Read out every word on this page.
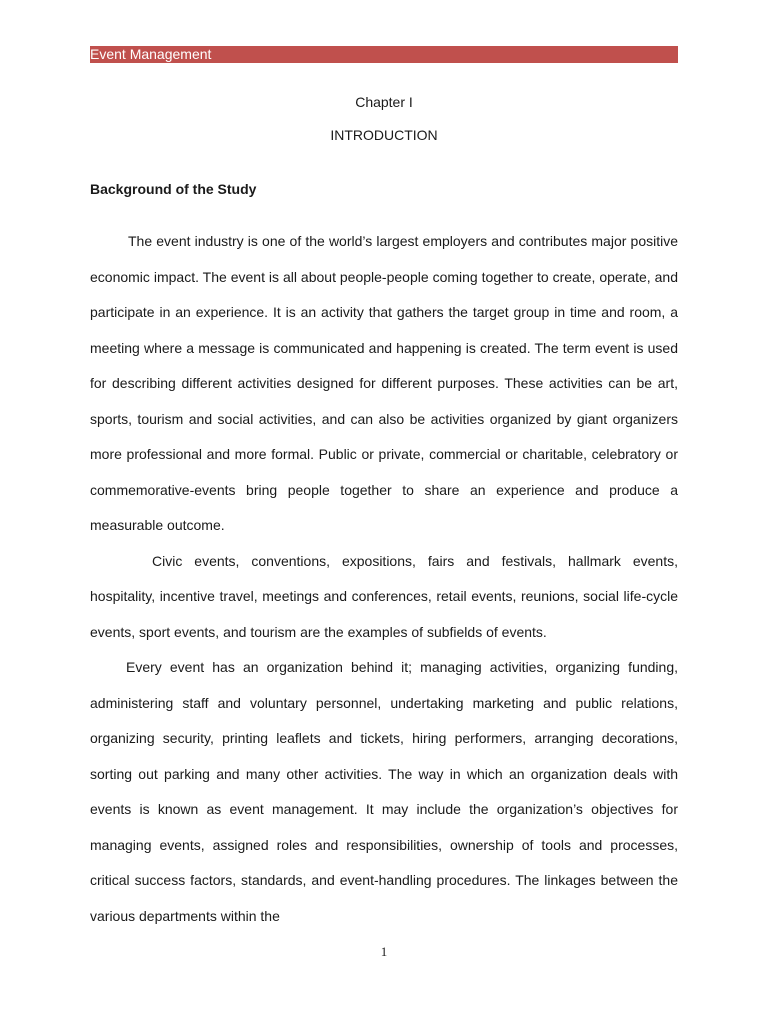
Event Management
Chapter I
INTRODUCTION
Background of the Study

The event industry is one of the world’s largest employers and contributes major positive economic impact. The event is all about people-people coming together to create, operate, and participate in an experience. It is an activity that gathers the target group in time and room, a meeting where a message is communicated and happening is created. The term event is used for describing different activities designed for different purposes. These activities can be art, sports, tourism and social activities, and can also be activities organized by giant organizers more professional and more formal. Public or private, commercial or charitable, celebratory or commemorative-events bring people together to share an experience and produce a measurable outcome.

Civic events, conventions, expositions, fairs and festivals, hallmark events, hospitality, incentive travel, meetings and conferences, retail events, reunions, social life-cycle events, sport events, and tourism are the examples of subfields of events.

Every event has an organization behind it; managing activities, organizing funding, administering staff and voluntary personnel, undertaking marketing and public relations, organizing security, printing leaflets and tickets, hiring performers, arranging decorations, sorting out parking and many other activities. The way in which an organization deals with events is known as event management. It may include the organization’s objectives for managing events, assigned roles and responsibilities, ownership of tools and processes, critical success factors, standards, and event-handling procedures. The linkages between the various departments within the

1
